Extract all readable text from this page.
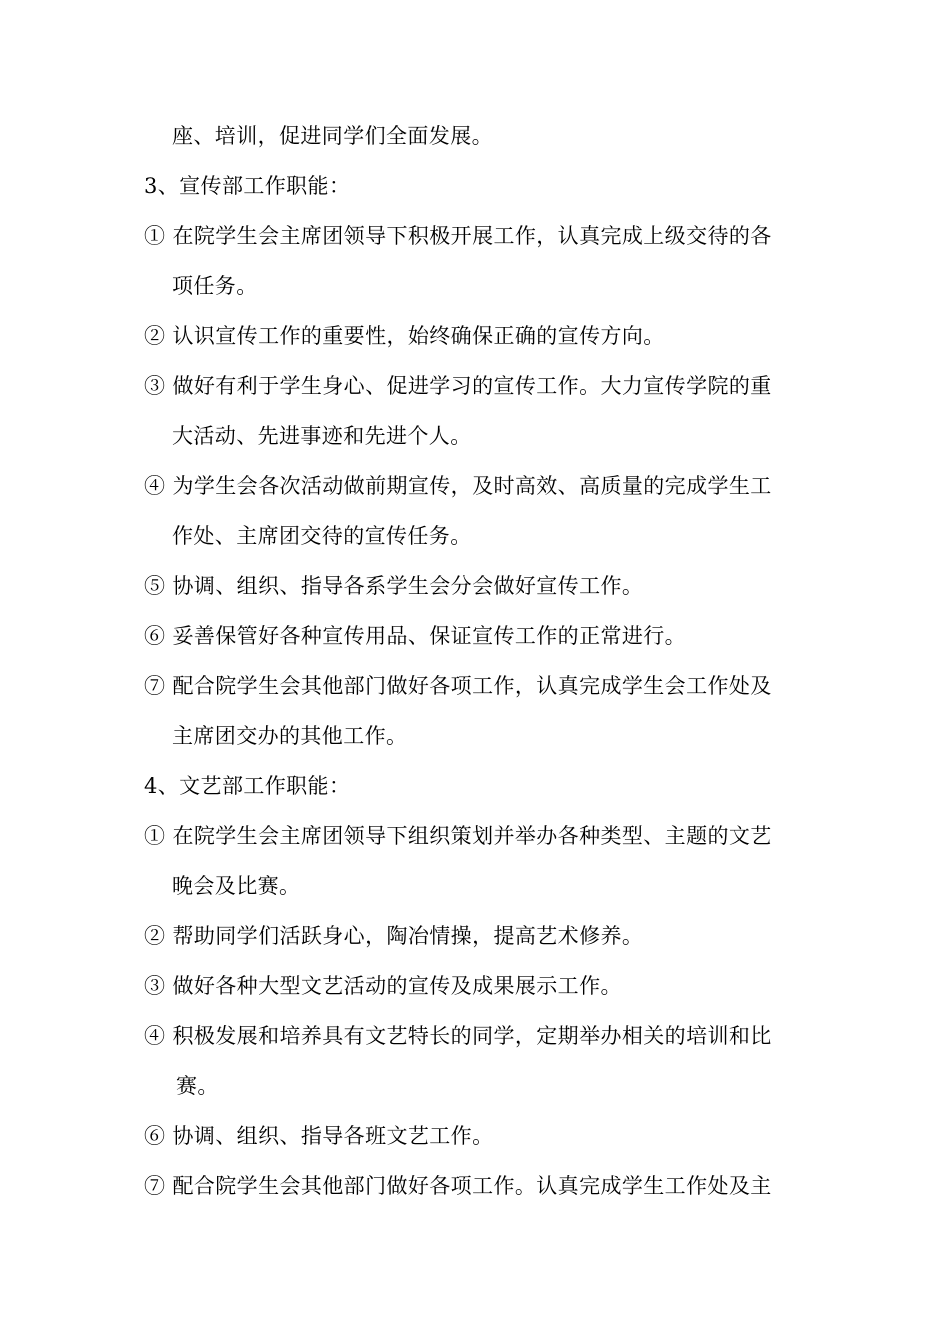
座、培训，促进同学们全面发展。
3、宣传部工作职能：
① 在院学生会主席团领导下积极开展工作，认真完成上级交待的各
项任务。
② 认识宣传工作的重要性，始终确保正确的宣传方向。
③ 做好有利于学生身心、促进学习的宣传工作。大力宣传学院的重
大活动、先进事迹和先进个人。
④ 为学生会各次活动做前期宣传，及时高效、高质量的完成学生工
作处、主席团交待的宣传任务。
⑤ 协调、组织、指导各系学生会分会做好宣传工作。
⑥ 妥善保管好各种宣传用品、保证宣传工作的正常进行。
⑦ 配合院学生会其他部门做好各项工作，认真完成学生会工作处及
主席团交办的其他工作。
4、文艺部工作职能：
① 在院学生会主席团领导下组织策划并举办各种类型、主题的文艺
晚会及比赛。
② 帮助同学们活跃身心，陶冶情操，提高艺术修养。
③ 做好各种大型文艺活动的宣传及成果展示工作。
④ 积极发展和培养具有文艺特长的同学，定期举办相关的培训和比
赛。
⑥ 协调、组织、指导各班文艺工作。
⑦ 配合院学生会其他部门做好各项工作。认真完成学生工作处及主
